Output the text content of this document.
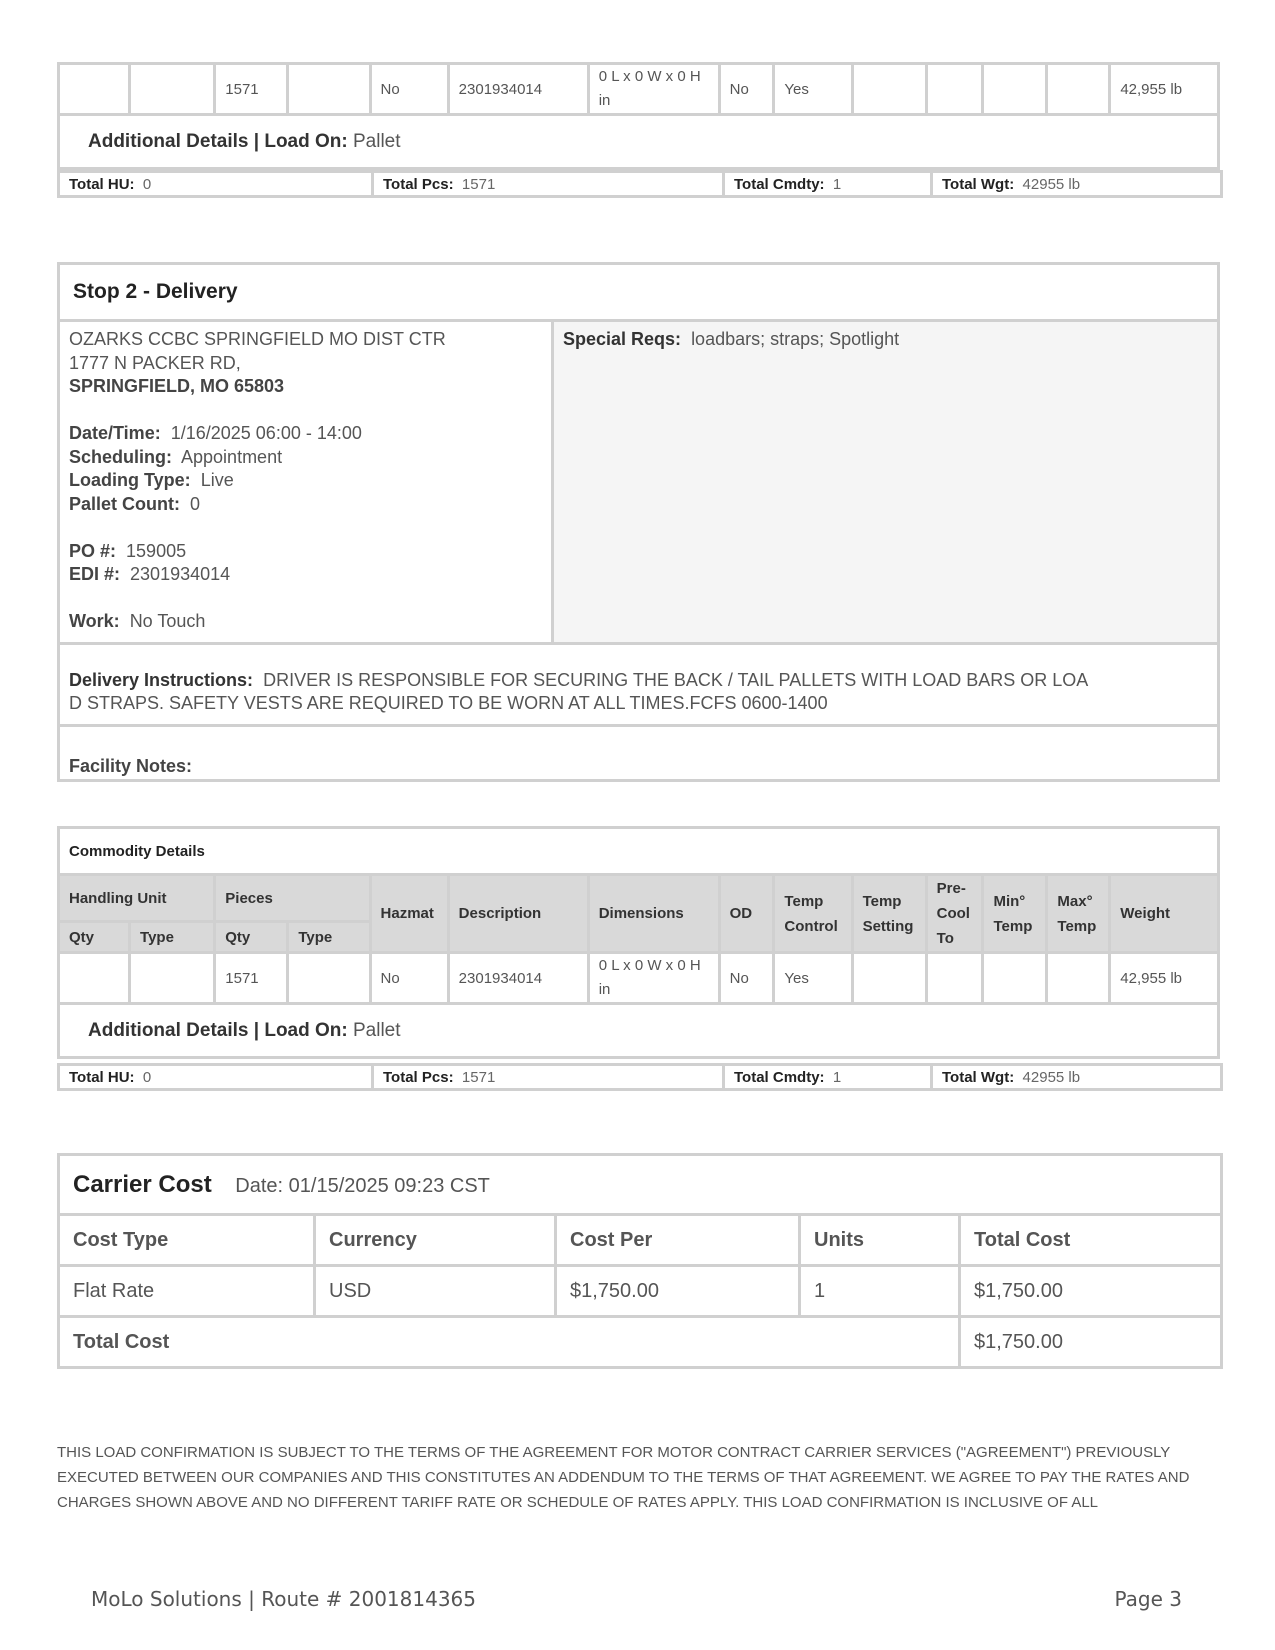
		1571		No	2301934014	0 L x 0 W x 0 H
in	No	Yes					42,955 lb
Additional Details | Load On: Pallet
Total HU: 0	Total Pcs: 1571	Total Cmdty: 1	Total Wgt: 42955 lb
Stop 2 - Delivery
OZARKS CCBC SPRINGFIELD MO DIST CTR
1777 N PACKER RD,
SPRINGFIELD, MO 65803
Date/Time: 1/16/2025 06:00 - 14:00
Scheduling: Appointment
Loading Type: Live
Pallet Count: 0
PO #: 159005
EDI #: 2301934014
Work: No Touch
Special Reqs: loadbars; straps; Spotlight
Delivery Instructions: DRIVER IS RESPONSIBLE FOR SECURING THE BACK / TAIL PALLETS WITH LOAD BARS OR LOA
D STRAPS. SAFETY VESTS ARE REQUIRED TO BE WORN AT ALL TIMES.FCFS 0600-1400
Facility Notes:
Commodity Details													
Handling Unit		Pieces		Hazmat	Description	Dimensions	OD	Temp Control	Temp Setting	Pre- Cool To	Min° Temp	Max° Temp	Weight
Qty	Type	Qty	Type										
		1571		No	2301934014	0 L x 0 W x 0 H
in	No	Yes					42,955 lb
Additional Details | Load On: Pallet													
Total HU: 0	Total Pcs: 1571	Total Cmdty: 1	Total Wgt: 42955 lb
Carrier Cost Date: 01/15/2025 09:23 CST				
Cost Type	Currency	Cost Per	Units	Total Cost
Flat Rate	USD	$1,750.00	1	$1,750.00
Total Cost				$1,750.00
THIS LOAD CONFIRMATION IS SUBJECT TO THE TERMS OF THE AGREEMENT FOR MOTOR CONTRACT CARRIER SERVICES ("AGREEMENT") PREVIOUSLY EXECUTED BETWEEN OUR COMPANIES AND THIS CONSTITUTES AN ADDENDUM TO THE TERMS OF THAT AGREEMENT. WE AGREE TO PAY THE RATES AND CHARGES SHOWN ABOVE AND NO DIFFERENT TARIFF RATE OR SCHEDULE OF RATES APPLY. THIS LOAD CONFIRMATION IS INCLUSIVE OF ALL
MoLo Solutions | Route # 2001814365	Page 3
